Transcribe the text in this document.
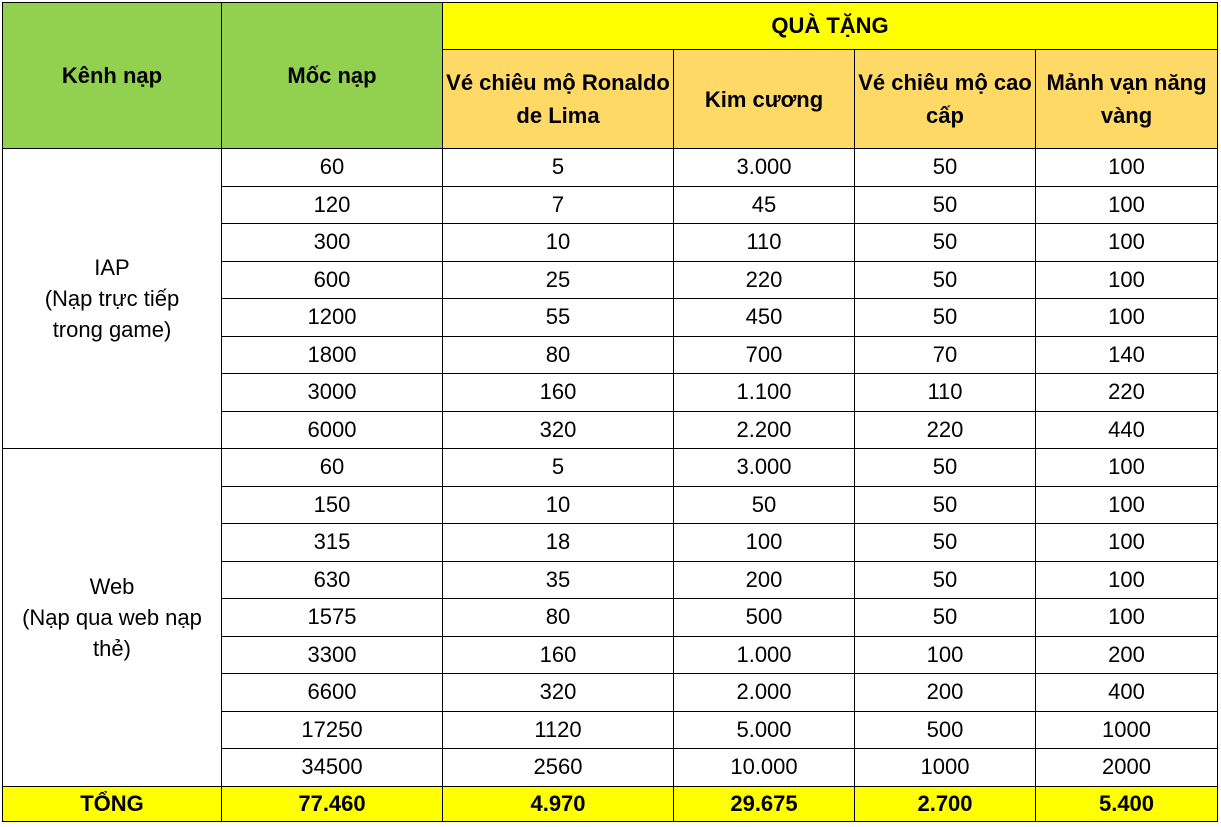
Kênh nạp	Mốc nạp	QUÀ TẶNG			
		Vé chiêu mộ Ronaldo de Lima	Kim cương	Vé chiêu mộ cao cấp	Mảnh vạn năng vàng

IAP
(Nạp trực tiếp
trong game)	60	5	3.000	50	100
	120	7	45	50	100
	300	10	110	50	100
	600	25	220	50	100
	1200	55	450	50	100
	1800	80	700	70	140
	3000	160	1.100	110	220
	6000	320	2.200	220	440

Web
(Nạp qua web nạp
thẻ)	60	5	3.000	50	100
	150	10	50	50	100
	315	18	100	50	100
	630	35	200	50	100
	1575	80	500	50	100
	3300	160	1.000	100	200
	6600	320	2.000	200	400
	17250	1120	5.000	500	1000
	34500	2560	10.000	1000	2000
TỔNG	77.460	4.970	29.675	2.700	5.400
